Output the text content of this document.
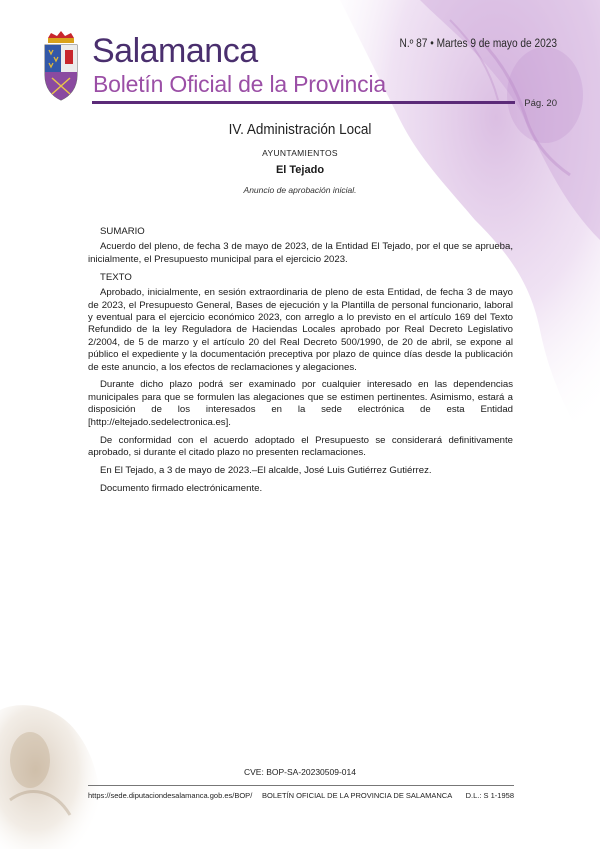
Salamanca
Boletín Oficial de la Provincia
N.º 87 • Martes 9 de mayo de 2023
Pág. 20
IV. Administración Local
AYUNTAMIENTOS
El Tejado
Anuncio de aprobación inicial.

SUMARIO

Acuerdo del pleno, de fecha 3 de mayo de 2023, de la Entidad El Tejado, por el que se aprueba, inicialmente, el Presupuesto municipal para el ejercicio 2023.

TEXTO

Aprobado, inicialmente, en sesión extraordinaria de pleno de esta Entidad, de fecha 3 de mayo de 2023, el Presupuesto General, Bases de ejecución y la Plantilla de personal funcionario, laboral y eventual para el ejercicio económico 2023, con arreglo a lo previsto en el artículo 169 del Texto Refundido de la ley Reguladora de Haciendas Locales aprobado por Real Decreto Legislativo 2/2004, de 5 de marzo y el artículo 20 del Real Decreto 500/1990, de 20 de abril, se expone al público el expediente y la documentación preceptiva por plazo de quince días desde la publicación de este anuncio, a los efectos de reclamaciones y alegaciones.

Durante dicho plazo podrá ser examinado por cualquier interesado en las dependencias municipales para que se formulen las alegaciones que se estimen pertinentes. Asimismo, estará a disposición de los interesados en la sede electrónica de esta Entidad [http://eltejado.sedelectronica.es].

De conformidad con el acuerdo adoptado el Presupuesto se considerará definitivamente aprobado, si durante el citado plazo no presenten reclamaciones.

En El Tejado, a 3 de mayo de 2023.–El alcalde, José Luis Gutiérrez Gutiérrez.

Documento firmado electrónicamente.

CVE: BOP-SA-20230509-014
https://sede.diputaciondesalamanca.gob.es/BOP/ BOLETÍN OFICIAL DE LA PROVINCIA DE SALAMANCA	D.L.: S 1-1958
